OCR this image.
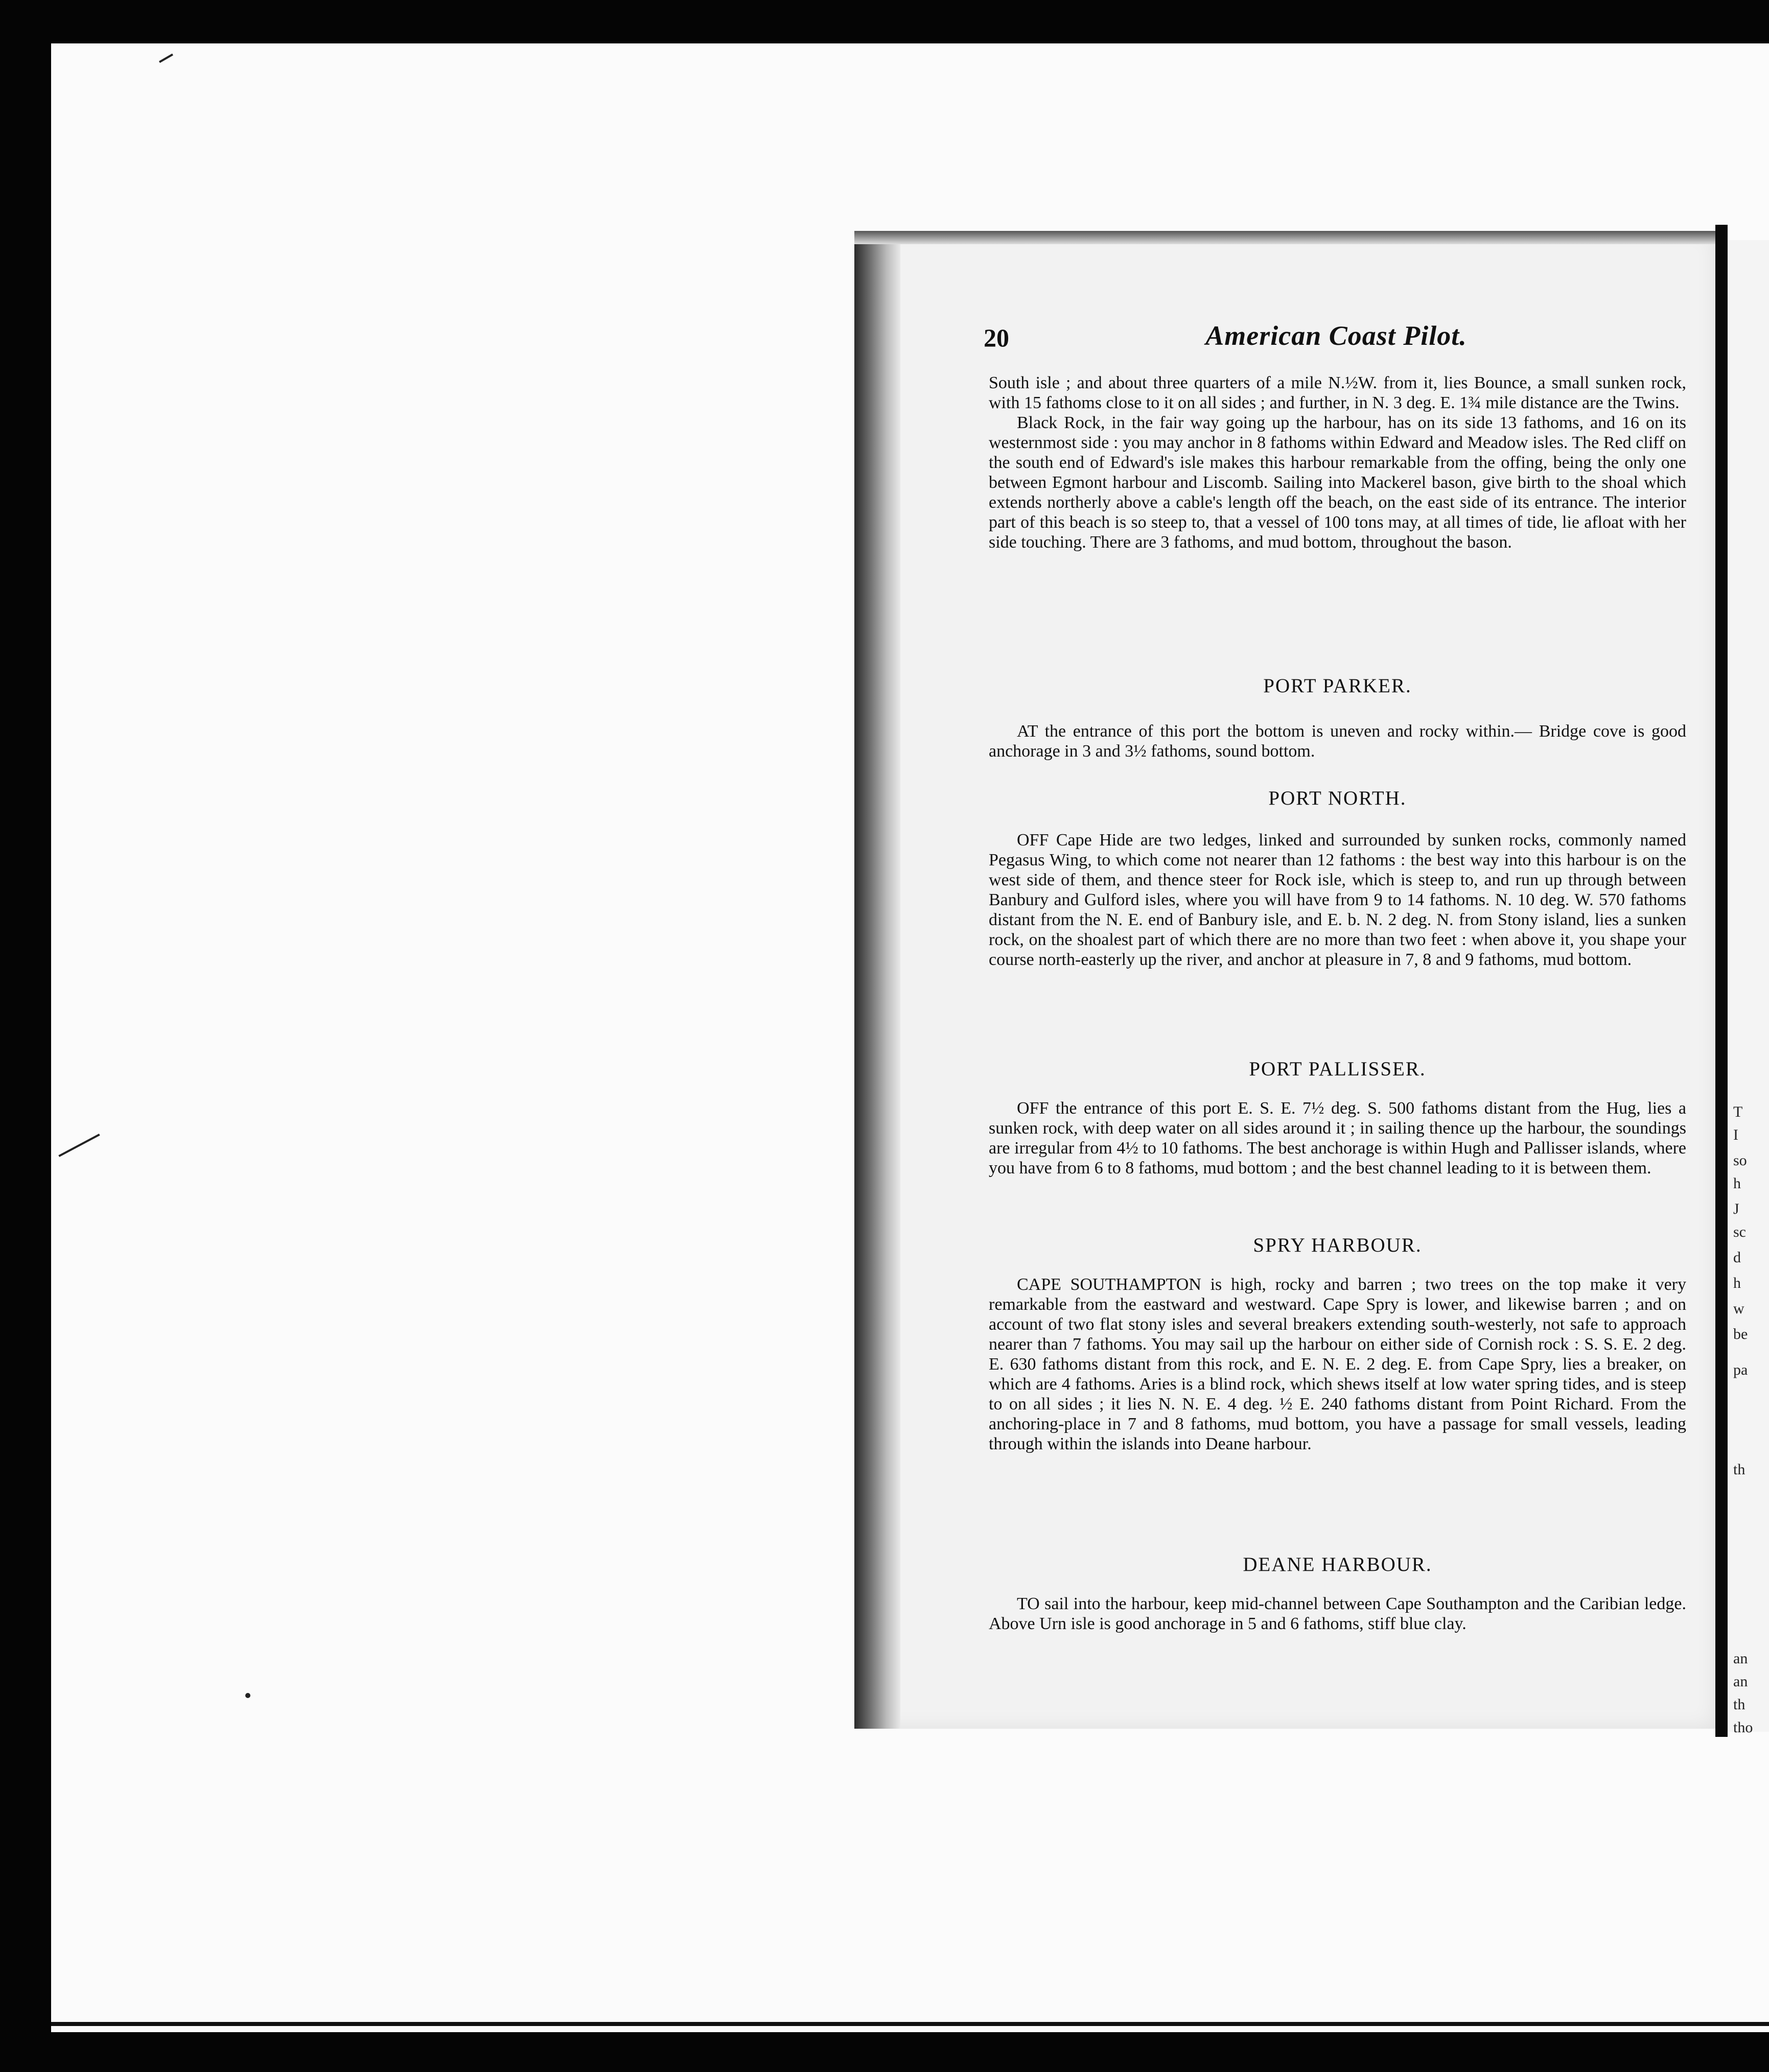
T
I
so
h
J
sc
d
h
w
be
pa
th
an
an
th
tho
20	American Coast Pilot.

South isle ; and about three quarters of a mile N.½W. from it, lies Bounce, a small sunken rock, with 15 fathoms close to it on all sides ; and further, in N. 3 deg. E. 1¾ mile distance are the Twins.

Black Rock, in the fair way going up the harbour, has on its side 13 fathoms, and 16 on its westernmost side : you may anchor in 8 fathoms within Edward and Meadow isles. The Red cliff on the south end of Edward's isle makes this harbour remarkable from the offing, being the only one between Egmont harbour and Liscomb. Sailing into Mackerel bason, give birth to the shoal which extends northerly above a cable's length off the beach, on the east side of its entrance. The interior part of this beach is so steep to, that a vessel of 100 tons may, at all times of tide, lie afloat with her side touching. There are 3 fathoms, and mud bottom, throughout the bason.

PORT PARKER.

AT the entrance of this port the bottom is uneven and rocky within.— Bridge cove is good anchorage in 3 and 3½ fathoms, sound bottom.

PORT NORTH.

OFF Cape Hide are two ledges, linked and surrounded by sunken rocks, commonly named Pegasus Wing, to which come not nearer than 12 fathoms : the best way into this harbour is on the west side of them, and thence steer for Rock isle, which is steep to, and run up through between Banbury and Gulford isles, where you will have from 9 to 14 fathoms. N. 10 deg. W. 570 fathoms distant from the N. E. end of Banbury isle, and E. b. N. 2 deg. N. from Stony island, lies a sunken rock, on the shoalest part of which there are no more than two feet : when above it, you shape your course north-easterly up the river, and anchor at pleasure in 7, 8 and 9 fathoms, mud bottom.

PORT PALLISSER.

OFF the entrance of this port E. S. E. 7½ deg. S. 500 fathoms distant from the Hug, lies a sunken rock, with deep water on all sides around it ; in sailing thence up the harbour, the soundings are irregular from 4½ to 10 fathoms. The best anchorage is within Hugh and Pallisser islands, where you have from 6 to 8 fathoms, mud bottom ; and the best channel leading to it is between them.

SPRY HARBOUR.

CAPE SOUTHAMPTON is high, rocky and barren ; two trees on the top make it very remarkable from the eastward and westward. Cape Spry is lower, and likewise barren ; and on account of two flat stony isles and several breakers extending south-westerly, not safe to approach nearer than 7 fathoms. You may sail up the harbour on either side of Cornish rock : S. S. E. 2 deg. E. 630 fathoms distant from this rock, and E. N. E. 2 deg. E. from Cape Spry, lies a breaker, on which are 4 fathoms. Aries is a blind rock, which shews itself at low water spring tides, and is steep to on all sides ; it lies N. N. E. 4 deg. ½ E. 240 fathoms distant from Point Richard. From the anchoring-place in 7 and 8 fathoms, mud bottom, you have a passage for small vessels, leading through within the islands into Deane harbour.

DEANE HARBOUR.

TO sail into the harbour, keep mid-channel between Cape Southampton and the Caribian ledge. Above Urn isle is good anchorage in 5 and 6 fathoms, stiff blue clay.
